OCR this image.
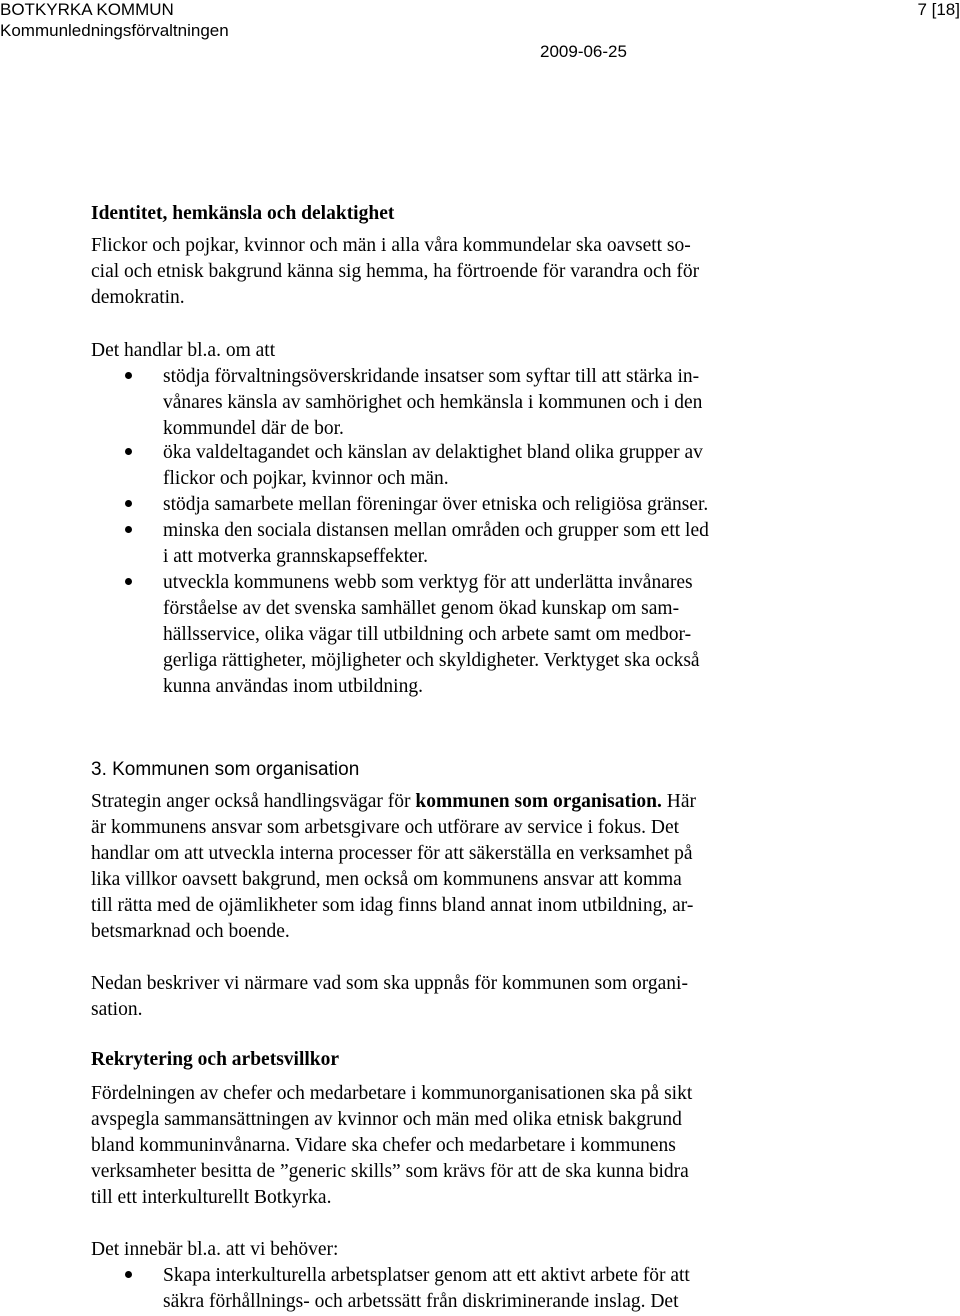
BOTKYRKA KOMMUN
Kommunledningsförvaltningen
7 [18]
2009-06-25
Identitet, hemkänsla och delaktighet
Flickor och pojkar, kvinnor och män i alla våra kommundelar ska oavsett so-
cial och etnisk bakgrund känna sig hemma, ha förtroende för varandra och för
demokratin.
Det handlar bl.a. om att
stödja förvaltningsöverskridande insatser som syftar till att stärka in-
vånares känsla av samhörighet och hemkänsla i kommunen och i den
kommundel där de bor.
öka valdeltagandet och känslan av delaktighet bland olika grupper av
flickor och pojkar, kvinnor och män.
stödja samarbete mellan föreningar över etniska och religiösa gränser.
minska den sociala distansen mellan områden och grupper som ett led
i att motverka grannskapseffekter.
utveckla kommunens webb som verktyg för att underlätta invånares
förståelse av det svenska samhället genom ökad kunskap om sam-
hällsservice, olika vägar till utbildning och arbete samt om medbor-
gerliga rättigheter, möjligheter och skyldigheter. Verktyget ska också
kunna användas inom utbildning.
3. Kommunen som organisation
Strategin anger också handlingsvägar för kommunen som organisation. Här
är kommunens ansvar som arbetsgivare och utförare av service i fokus. Det
handlar om att utveckla interna processer för att säkerställa en verksamhet på
lika villkor oavsett bakgrund, men också om kommunens ansvar att komma
till rätta med de ojämlikheter som idag finns bland annat inom utbildning, ar-
betsmarknad och boende.
Nedan beskriver vi närmare vad som ska uppnås för kommunen som organi-
sation.
Rekrytering och arbetsvillkor
Fördelningen av chefer och medarbetare i kommunorganisationen ska på sikt
avspegla sammansättningen av kvinnor och män med olika etnisk bakgrund
bland kommuninvånarna. Vidare ska chefer och medarbetare i kommunens
verksamheter besitta de ”generic skills” som krävs för att de ska kunna bidra
till ett interkulturellt Botkyrka.
Det innebär bl.a. att vi behöver:
Skapa interkulturella arbetsplatser genom att ett aktivt arbete för att
säkra förhållnings- och arbetssätt från diskriminerande inslag. Det
